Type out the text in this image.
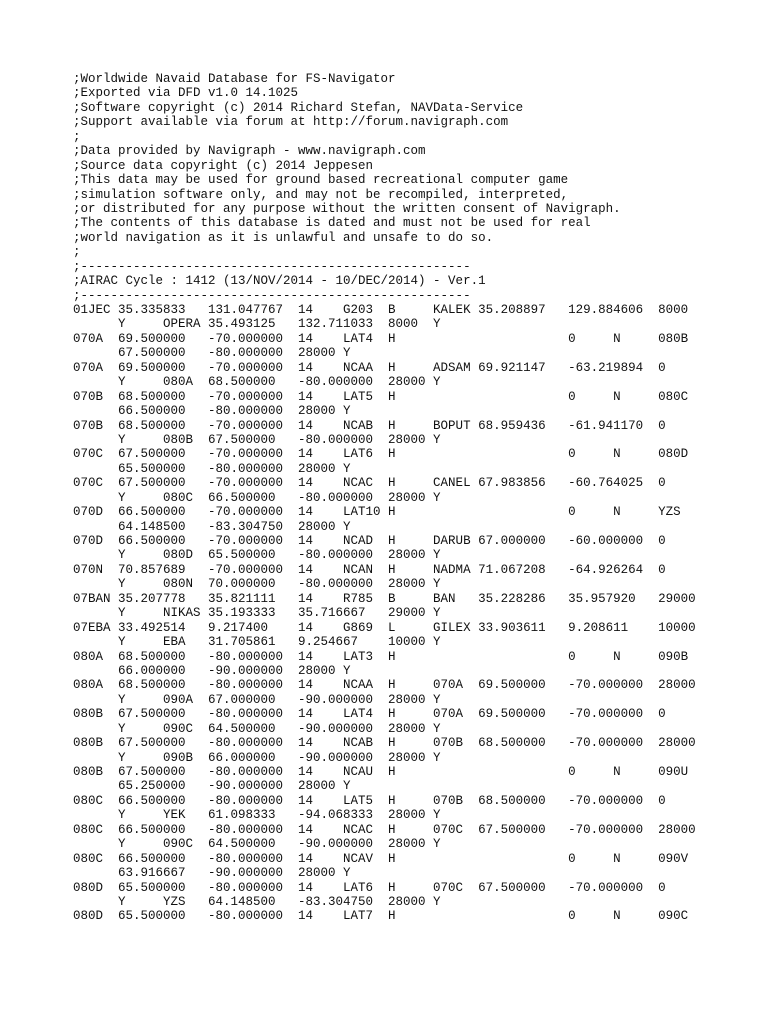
;Worldwide Navaid Database for FS-Navigator
;Exported via DFD v1.0 14.1025
;Software copyright (c) 2014 Richard Stefan, NAVData-Service
;Support available via forum at http://forum.navigraph.com
;
;Data provided by Navigraph - www.navigraph.com
;Source data copyright (c) 2014 Jeppesen
;This data may be used for ground based recreational computer game
;simulation software only, and may not be recompiled, interpreted,
;or distributed for any purpose without the written consent of Navigraph.
;The contents of this database is dated and must not be used for real
;world navigation as it is unlawful and unsafe to do so.
;
;----------------------------------------------------
;AIRAC Cycle : 1412 (13/NOV/2014 - 10/DEC/2014) - Ver.1
;----------------------------------------------------
01JEC 35.335833   131.047767  14    G203  B     KALEK 35.208897   129.884606  8000
Y     OPERA 35.493125   132.711033  8000  Y
070A  69.500000   -70.000000  14    LAT4  H                       0     N     080B
67.500000   -80.000000  28000 Y
070A  69.500000   -70.000000  14    NCAA  H     ADSAM 69.921147   -63.219894  0
Y     080A  68.500000   -80.000000  28000 Y
070B  68.500000   -70.000000  14    LAT5  H                       0     N     080C
66.500000   -80.000000  28000 Y
070B  68.500000   -70.000000  14    NCAB  H     BOPUT 68.959436   -61.941170  0
Y     080B  67.500000   -80.000000  28000 Y
070C  67.500000   -70.000000  14    LAT6  H                       0     N     080D
65.500000   -80.000000  28000 Y
070C  67.500000   -70.000000  14    NCAC  H     CANEL 67.983856   -60.764025  0
Y     080C  66.500000   -80.000000  28000 Y
070D  66.500000   -70.000000  14    LAT10 H                       0     N     YZS
64.148500   -83.304750  28000 Y
070D  66.500000   -70.000000  14    NCAD  H     DARUB 67.000000   -60.000000  0
Y     080D  65.500000   -80.000000  28000 Y
070N  70.857689   -70.000000  14    NCAN  H     NADMA 71.067208   -64.926264  0
Y     080N  70.000000   -80.000000  28000 Y
07BAN 35.207778   35.821111   14    R785  B     BAN   35.228286   35.957920   29000
Y     NIKAS 35.193333   35.716667   29000 Y
07EBA 33.492514   9.217400    14    G869  L     GILEX 33.903611   9.208611    10000
Y     EBA   31.705861   9.254667    10000 Y
080A  68.500000   -80.000000  14    LAT3  H                       0     N     090B
66.000000   -90.000000  28000 Y
080A  68.500000   -80.000000  14    NCAA  H     070A  69.500000   -70.000000  28000
Y     090A  67.000000   -90.000000  28000 Y
080B  67.500000   -80.000000  14    LAT4  H     070A  69.500000   -70.000000  0
Y     090C  64.500000   -90.000000  28000 Y
080B  67.500000   -80.000000  14    NCAB  H     070B  68.500000   -70.000000  28000
Y     090B  66.000000   -90.000000  28000 Y
080B  67.500000   -80.000000  14    NCAU  H                       0     N     090U
65.250000   -90.000000  28000 Y
080C  66.500000   -80.000000  14    LAT5  H     070B  68.500000   -70.000000  0
Y     YEK   61.098333   -94.068333  28000 Y
080C  66.500000   -80.000000  14    NCAC  H     070C  67.500000   -70.000000  28000
Y     090C  64.500000   -90.000000  28000 Y
080C  66.500000   -80.000000  14    NCAV  H                       0     N     090V
63.916667   -90.000000  28000 Y
080D  65.500000   -80.000000  14    LAT6  H     070C  67.500000   -70.000000  0
Y     YZS   64.148500   -83.304750  28000 Y
080D  65.500000   -80.000000  14    LAT7  H                       0     N     090C
